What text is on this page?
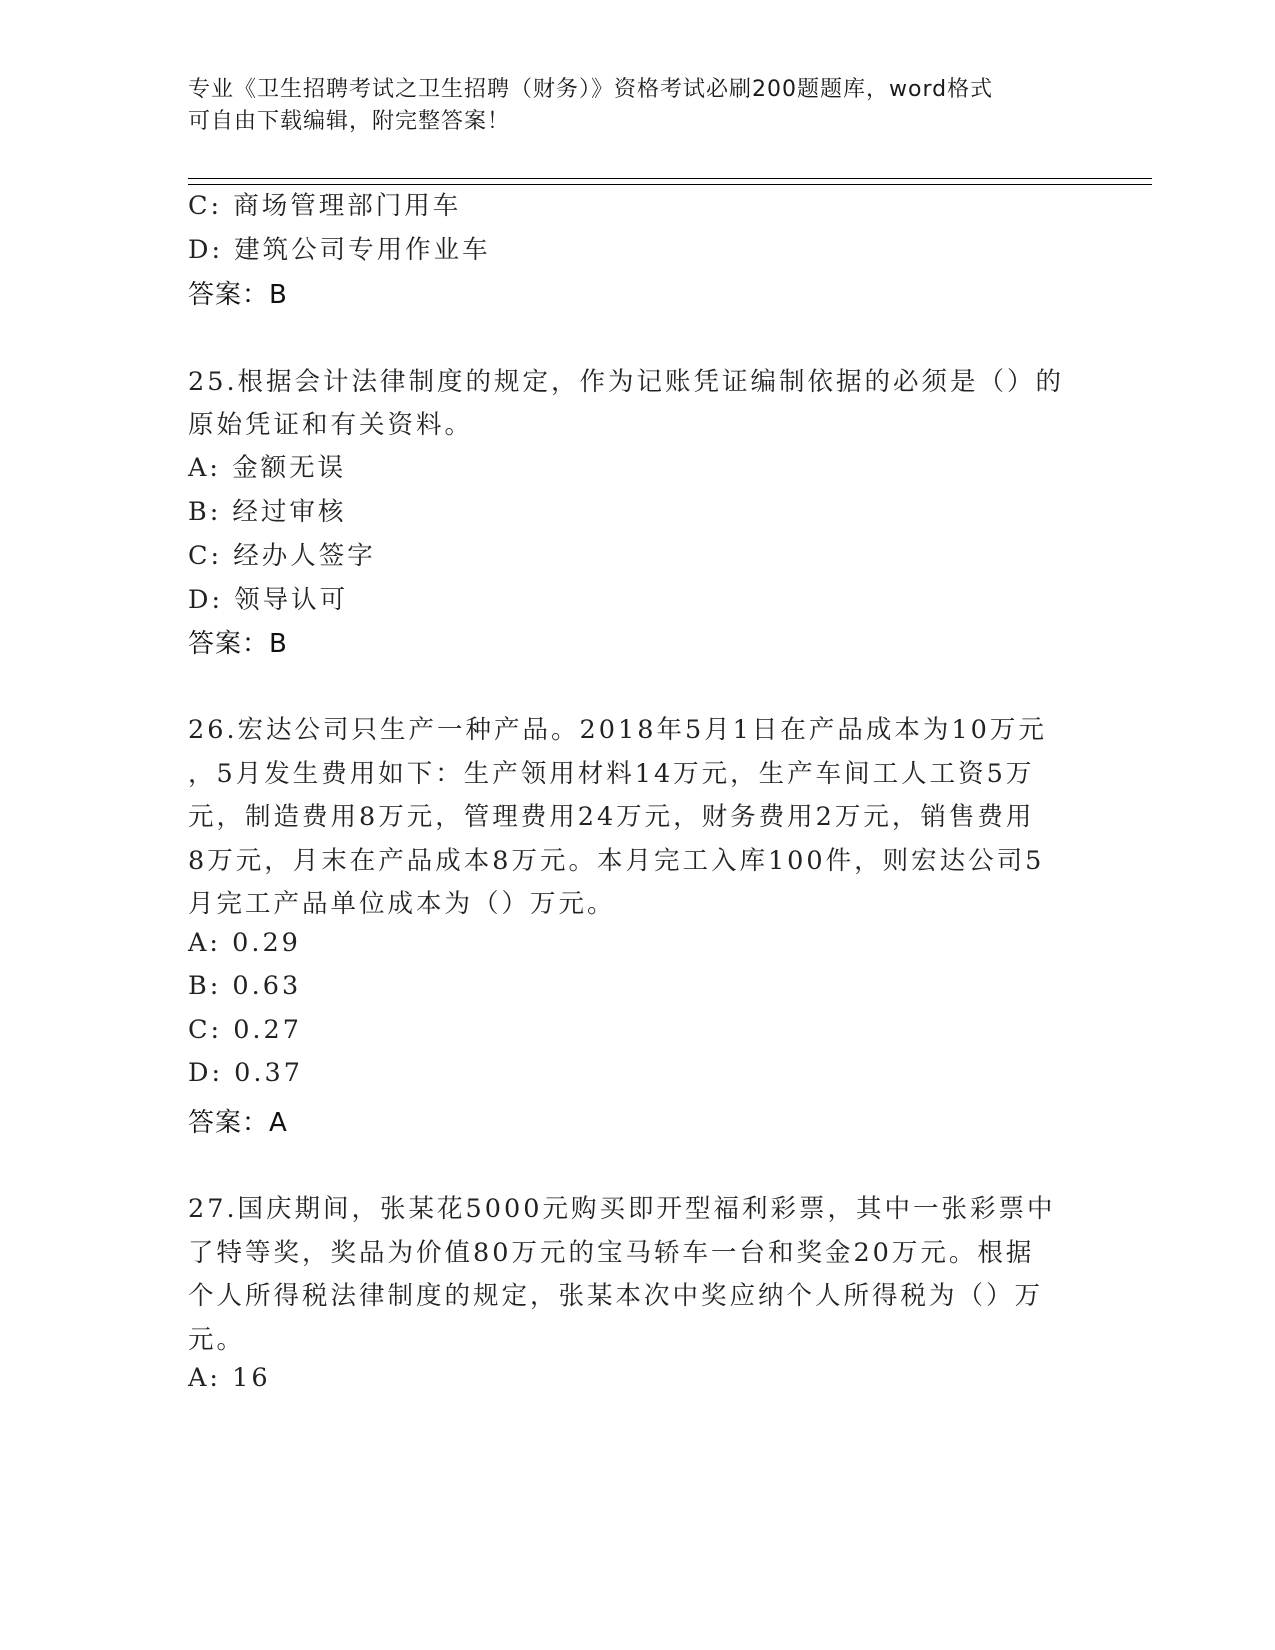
专业《卫生招聘考试之卫生招聘（财务）》资格考试必刷200题题库，word格式
可自由下载编辑，附完整答案！
C: 商场管理部门用车
D: 建筑公司专用作业车
答案：B
25.根据会计法律制度的规定，作为记账凭证编制依据的必须是（）的
原始凭证和有关资料。
A: 金额无误
B: 经过审核
C: 经办人签字
D: 领导认可
答案：B
26.宏达公司只生产一种产品。2018年5月1日在产品成本为10万元
，5月发生费用如下：生产领用材料14万元，生产车间工人工资5万
元，制造费用8万元，管理费用24万元，财务费用2万元，销售费用
8万元，月末在产品成本8万元。本月完工入库100件，则宏达公司5
月完工产品单位成本为（）万元。
A: 0.29
B: 0.63
C: 0.27
D: 0.37
答案：A
27.国庆期间，张某花5000元购买即开型福利彩票，其中一张彩票中
了特等奖，奖品为价值80万元的宝马轿车一台和奖金20万元。根据
个人所得税法律制度的规定，张某本次中奖应纳个人所得税为（）万
元。
A: 16
